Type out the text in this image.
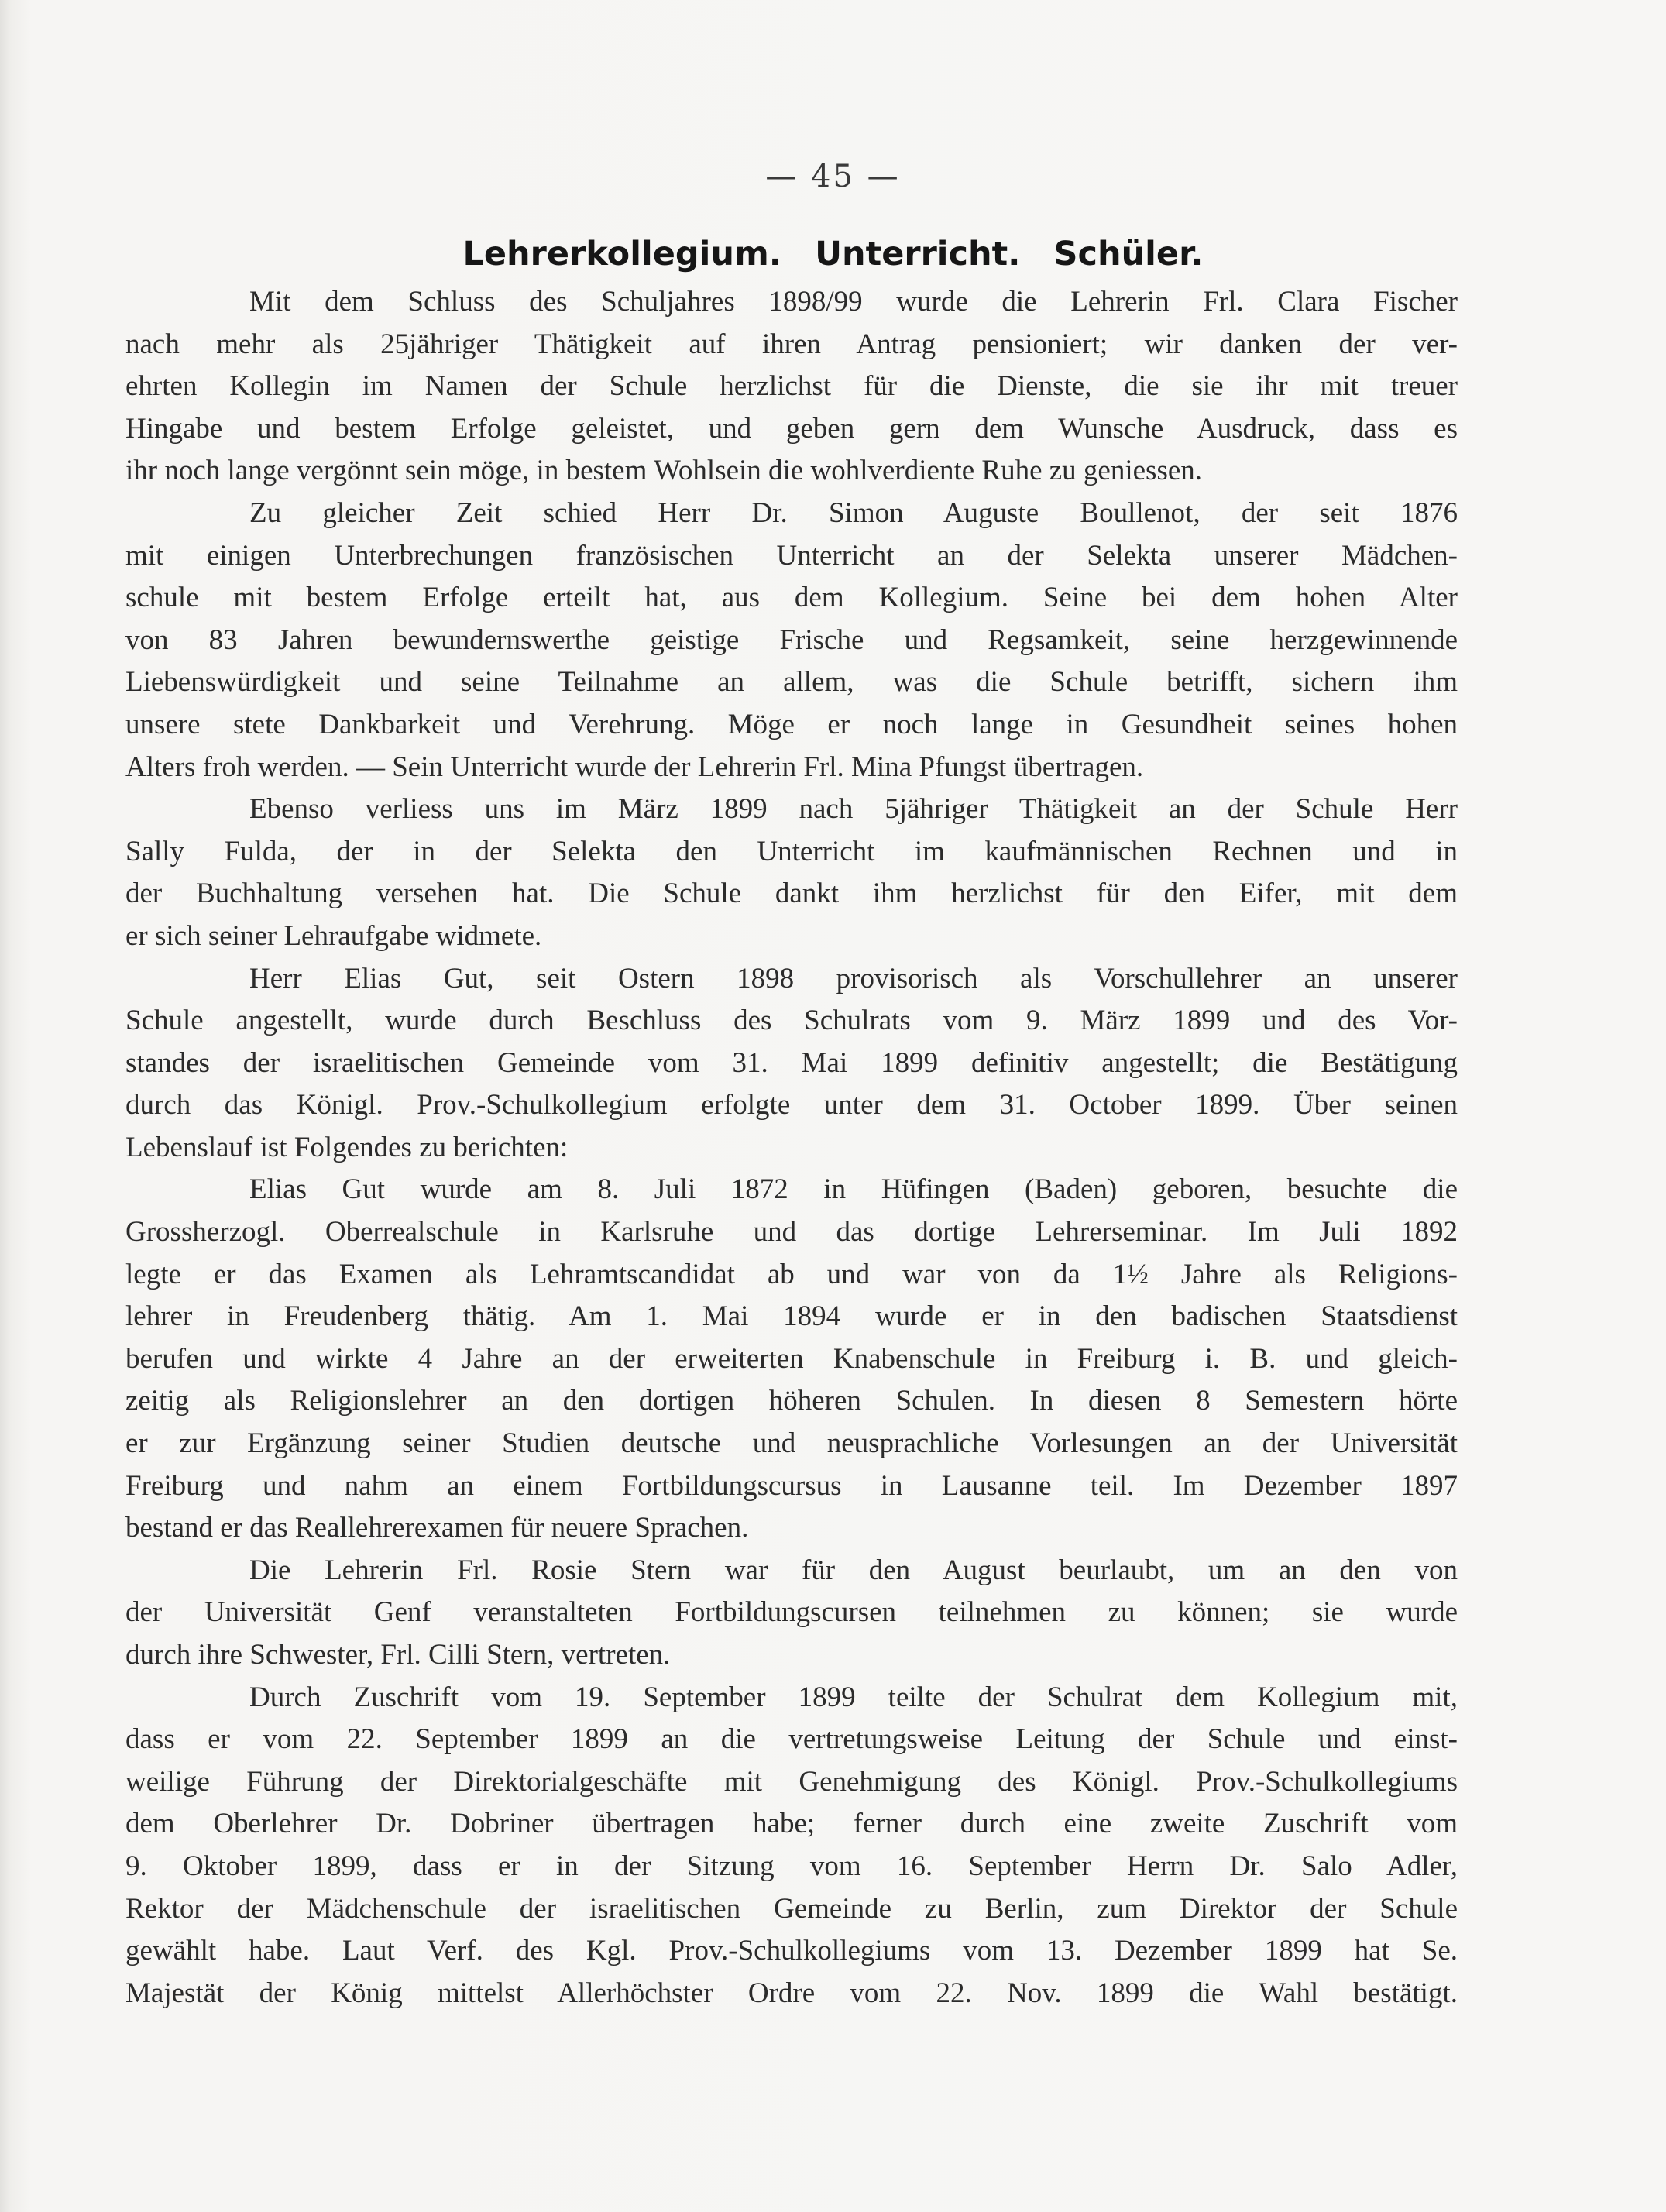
— 45 —
Lehrerkollegium. Unterricht. Schüler.
Mit dem Schluss des Schuljahres 1898/99 wurde die Lehrerin Frl. Clara Fischer
nach mehr als 25jähriger Thätigkeit auf ihren Antrag pensioniert; wir danken der ver-
ehrten Kollegin im Namen der Schule herzlichst für die Dienste, die sie ihr mit treuer
Hingabe und bestem Erfolge geleistet, und geben gern dem Wunsche Ausdruck, dass es
ihr noch lange vergönnt sein möge, in bestem Wohlsein die wohlverdiente Ruhe zu geniessen.
Zu gleicher Zeit schied Herr Dr. Simon Auguste Boullenot, der seit 1876
mit einigen Unterbrechungen französischen Unterricht an der Selekta unserer Mädchen-
schule mit bestem Erfolge erteilt hat, aus dem Kollegium. Seine bei dem hohen Alter
von 83 Jahren bewundernswerthe geistige Frische und Regsamkeit, seine herzgewinnende
Liebenswürdigkeit und seine Teilnahme an allem, was die Schule betrifft, sichern ihm
unsere stete Dankbarkeit und Verehrung. Möge er noch lange in Gesundheit seines hohen
Alters froh werden. — Sein Unterricht wurde der Lehrerin Frl. Mina Pfungst übertragen.
Ebenso verliess uns im März 1899 nach 5jähriger Thätigkeit an der Schule Herr
Sally Fulda, der in der Selekta den Unterricht im kaufmännischen Rechnen und in
der Buchhaltung versehen hat. Die Schule dankt ihm herzlichst für den Eifer, mit dem
er sich seiner Lehraufgabe widmete.
Herr Elias Gut, seit Ostern 1898 provisorisch als Vorschullehrer an unserer
Schule angestellt, wurde durch Beschluss des Schulrats vom 9. März 1899 und des Vor-
standes der israelitischen Gemeinde vom 31. Mai 1899 definitiv angestellt; die Bestätigung
durch das Königl. Prov.-Schulkollegium erfolgte unter dem 31. October 1899. Über seinen
Lebenslauf ist Folgendes zu berichten:
Elias Gut wurde am 8. Juli 1872 in Hüfingen (Baden) geboren, besuchte die
Grossherzogl. Oberrealschule in Karlsruhe und das dortige Lehrerseminar. Im Juli 1892
legte er das Examen als Lehramtscandidat ab und war von da 1½ Jahre als Religions-
lehrer in Freudenberg thätig. Am 1. Mai 1894 wurde er in den badischen Staatsdienst
berufen und wirkte 4 Jahre an der erweiterten Knabenschule in Freiburg i. B. und gleich-
zeitig als Religionslehrer an den dortigen höheren Schulen. In diesen 8 Semestern hörte
er zur Ergänzung seiner Studien deutsche und neusprachliche Vorlesungen an der Universität
Freiburg und nahm an einem Fortbildungscursus in Lausanne teil. Im Dezember 1897
bestand er das Reallehrerexamen für neuere Sprachen.
Die Lehrerin Frl. Rosie Stern war für den August beurlaubt, um an den von
der Universität Genf veranstalteten Fortbildungscursen teilnehmen zu können; sie wurde
durch ihre Schwester, Frl. Cilli Stern, vertreten.
Durch Zuschrift vom 19. September 1899 teilte der Schulrat dem Kollegium mit,
dass er vom 22. September 1899 an die vertretungsweise Leitung der Schule und einst-
weilige Führung der Direktorialgeschäfte mit Genehmigung des Königl. Prov.-Schulkollegiums
dem Oberlehrer Dr. Dobriner übertragen habe; ferner durch eine zweite Zuschrift vom
9. Oktober 1899, dass er in der Sitzung vom 16. September Herrn Dr. Salo Adler,
Rektor der Mädchenschule der israelitischen Gemeinde zu Berlin, zum Direktor der Schule
gewählt habe. Laut Verf. des Kgl. Prov.-Schulkollegiums vom 13. Dezember 1899 hat Se.
Majestät der König mittelst Allerhöchster Ordre vom 22. Nov. 1899 die Wahl bestätigt.
